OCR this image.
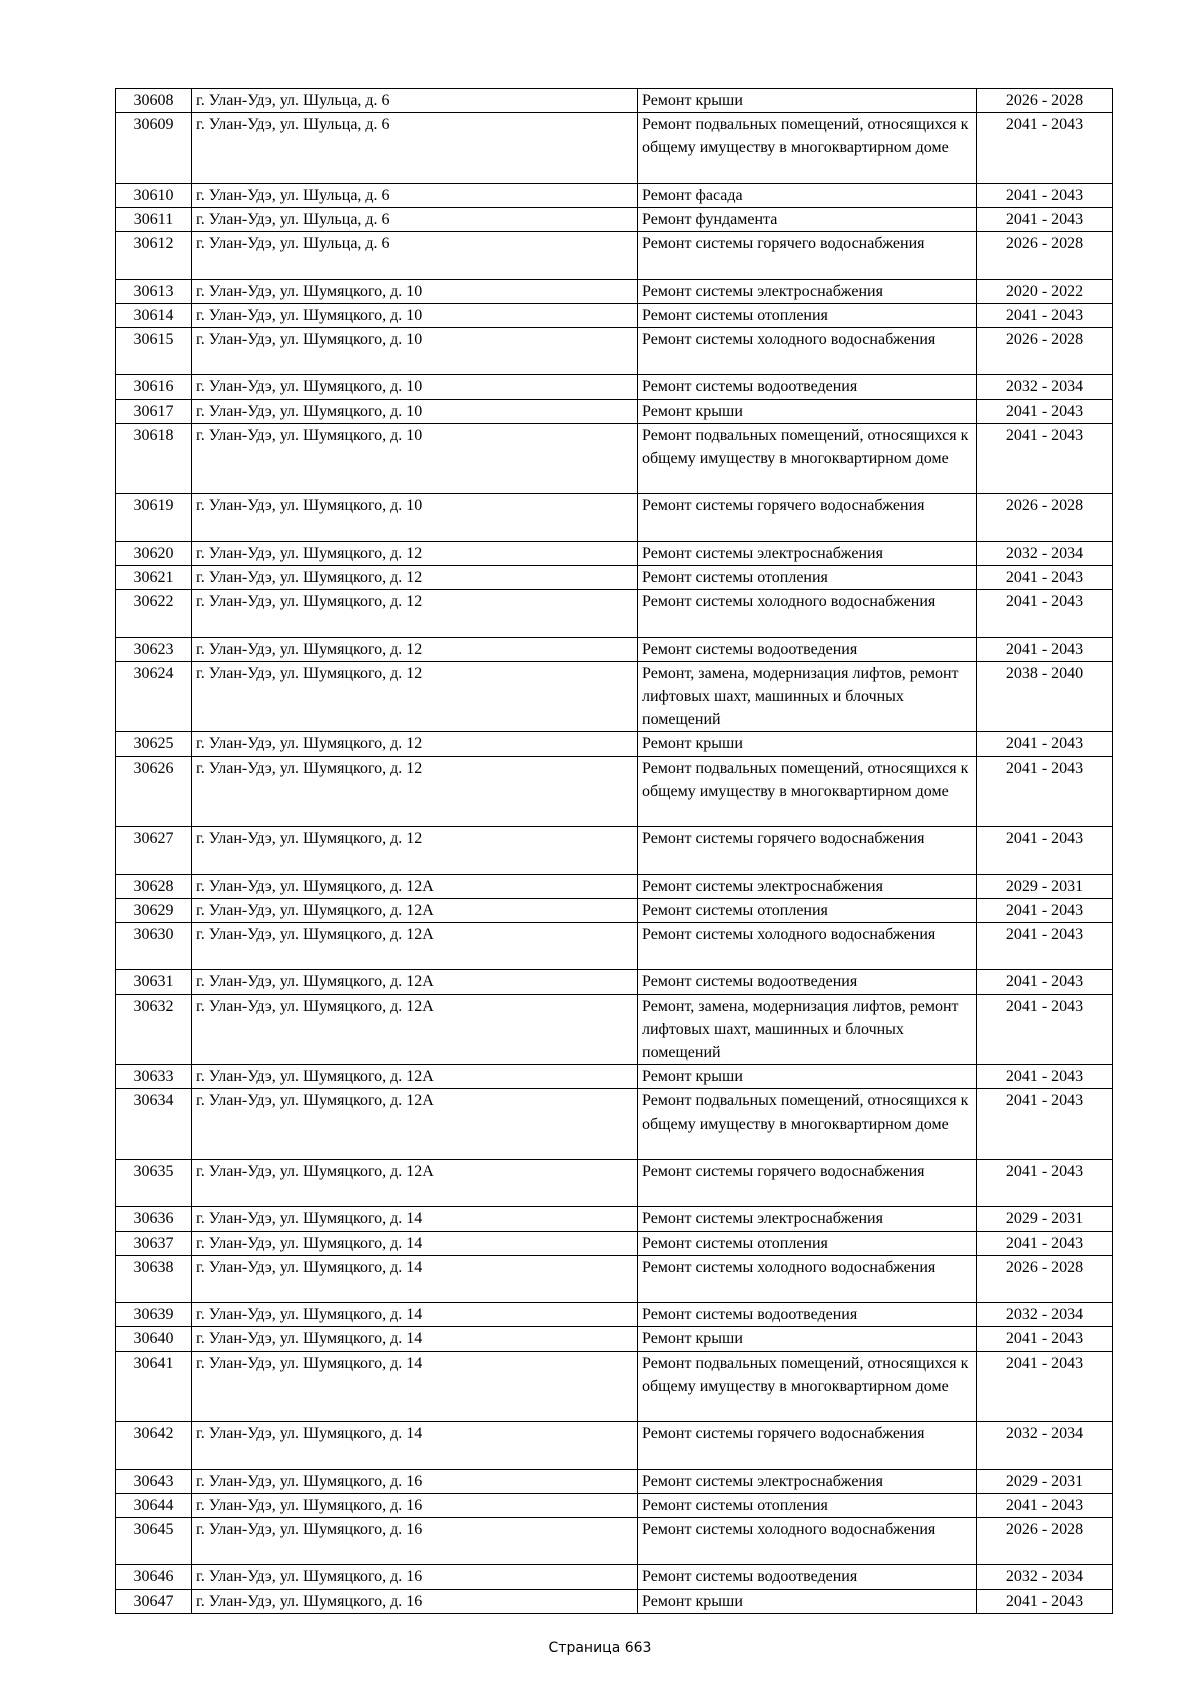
30608	г. Улан-Удэ, ул. Шульца, д. 6	Ремонт крыши	2026 - 2028
30609	г. Улан-Удэ, ул. Шульца, д. 6	Ремонт подвальных помещений, относящихся к общему имуществу в многоквартирном доме	2041 - 2043
30610	г. Улан-Удэ, ул. Шульца, д. 6	Ремонт фасада	2041 - 2043
30611	г. Улан-Удэ, ул. Шульца, д. 6	Ремонт фундамента	2041 - 2043
30612	г. Улан-Удэ, ул. Шульца, д. 6	Ремонт системы горячего водоснабжения	2026 - 2028
30613	г. Улан-Удэ, ул. Шумяцкого, д. 10	Ремонт системы электроснабжения	2020 - 2022
30614	г. Улан-Удэ, ул. Шумяцкого, д. 10	Ремонт системы отопления	2041 - 2043
30615	г. Улан-Удэ, ул. Шумяцкого, д. 10	Ремонт системы холодного водоснабжения	2026 - 2028
30616	г. Улан-Удэ, ул. Шумяцкого, д. 10	Ремонт системы водоотведения	2032 - 2034
30617	г. Улан-Удэ, ул. Шумяцкого, д. 10	Ремонт крыши	2041 - 2043
30618	г. Улан-Удэ, ул. Шумяцкого, д. 10	Ремонт подвальных помещений, относящихся к общему имуществу в многоквартирном доме	2041 - 2043
30619	г. Улан-Удэ, ул. Шумяцкого, д. 10	Ремонт системы горячего водоснабжения	2026 - 2028
30620	г. Улан-Удэ, ул. Шумяцкого, д. 12	Ремонт системы электроснабжения	2032 - 2034
30621	г. Улан-Удэ, ул. Шумяцкого, д. 12	Ремонт системы отопления	2041 - 2043
30622	г. Улан-Удэ, ул. Шумяцкого, д. 12	Ремонт системы холодного водоснабжения	2041 - 2043
30623	г. Улан-Удэ, ул. Шумяцкого, д. 12	Ремонт системы водоотведения	2041 - 2043
30624	г. Улан-Удэ, ул. Шумяцкого, д. 12	Ремонт, замена, модернизация лифтов, ремонт лифтовых шахт, машинных и блочных помещений	2038 - 2040
30625	г. Улан-Удэ, ул. Шумяцкого, д. 12	Ремонт крыши	2041 - 2043
30626	г. Улан-Удэ, ул. Шумяцкого, д. 12	Ремонт подвальных помещений, относящихся к общему имуществу в многоквартирном доме	2041 - 2043
30627	г. Улан-Удэ, ул. Шумяцкого, д. 12	Ремонт системы горячего водоснабжения	2041 - 2043
30628	г. Улан-Удэ, ул. Шумяцкого, д. 12А	Ремонт системы электроснабжения	2029 - 2031
30629	г. Улан-Удэ, ул. Шумяцкого, д. 12А	Ремонт системы отопления	2041 - 2043
30630	г. Улан-Удэ, ул. Шумяцкого, д. 12А	Ремонт системы холодного водоснабжения	2041 - 2043
30631	г. Улан-Удэ, ул. Шумяцкого, д. 12А	Ремонт системы водоотведения	2041 - 2043
30632	г. Улан-Удэ, ул. Шумяцкого, д. 12А	Ремонт, замена, модернизация лифтов, ремонт лифтовых шахт, машинных и блочных помещений	2041 - 2043
30633	г. Улан-Удэ, ул. Шумяцкого, д. 12А	Ремонт крыши	2041 - 2043
30634	г. Улан-Удэ, ул. Шумяцкого, д. 12А	Ремонт подвальных помещений, относящихся к общему имуществу в многоквартирном доме	2041 - 2043
30635	г. Улан-Удэ, ул. Шумяцкого, д. 12А	Ремонт системы горячего водоснабжения	2041 - 2043
30636	г. Улан-Удэ, ул. Шумяцкого, д. 14	Ремонт системы электроснабжения	2029 - 2031
30637	г. Улан-Удэ, ул. Шумяцкого, д. 14	Ремонт системы отопления	2041 - 2043
30638	г. Улан-Удэ, ул. Шумяцкого, д. 14	Ремонт системы холодного водоснабжения	2026 - 2028
30639	г. Улан-Удэ, ул. Шумяцкого, д. 14	Ремонт системы водоотведения	2032 - 2034
30640	г. Улан-Удэ, ул. Шумяцкого, д. 14	Ремонт крыши	2041 - 2043
30641	г. Улан-Удэ, ул. Шумяцкого, д. 14	Ремонт подвальных помещений, относящихся к общему имуществу в многоквартирном доме	2041 - 2043
30642	г. Улан-Удэ, ул. Шумяцкого, д. 14	Ремонт системы горячего водоснабжения	2032 - 2034
30643	г. Улан-Удэ, ул. Шумяцкого, д. 16	Ремонт системы электроснабжения	2029 - 2031
30644	г. Улан-Удэ, ул. Шумяцкого, д. 16	Ремонт системы отопления	2041 - 2043
30645	г. Улан-Удэ, ул. Шумяцкого, д. 16	Ремонт системы холодного водоснабжения	2026 - 2028
30646	г. Улан-Удэ, ул. Шумяцкого, д. 16	Ремонт системы водоотведения	2032 - 2034
30647	г. Улан-Удэ, ул. Шумяцкого, д. 16	Ремонт крыши	2041 - 2043
Страница 663
